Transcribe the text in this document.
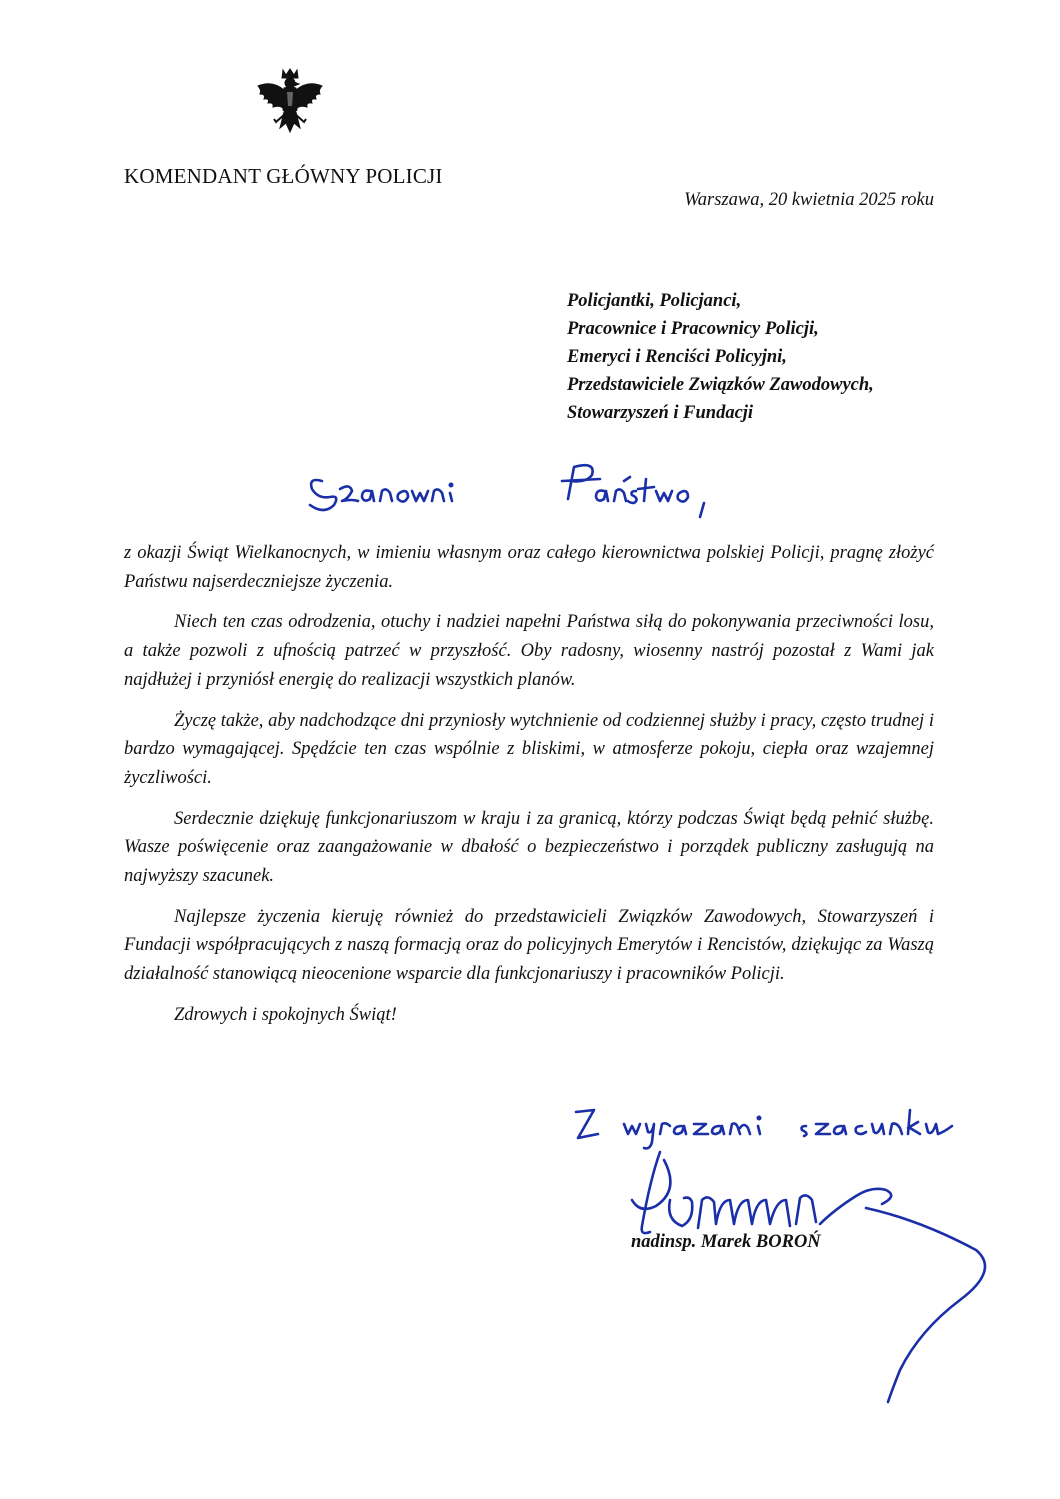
KOMENDANT GŁÓWNY POLICJI
Warszawa, 20 kwietnia 2025 roku
Policjantki, Policjanci,
Pracownice i Pracownicy Policji,
Emeryci i Renciści Policyjni,
Przedstawiciele Związków Zawodowych,
Stowarzyszeń i Fundacji

z okazji Świąt Wielkanocnych, w imieniu własnym oraz całego kierownictwa polskiej Policji, pragnę złożyć Państwu najserdeczniejsze życzenia.

Niech ten czas odrodzenia, otuchy i nadziei napełni Państwa siłą do pokonywania przeciwności losu, a także pozwoli z ufnością patrzeć w przyszłość. Oby radosny, wiosenny nastrój pozostał z Wami jak najdłużej i przyniósł energię do realizacji wszystkich planów.

Życzę także, aby nadchodzące dni przyniosły wytchnienie od codziennej służby i pracy, często trudnej i bardzo wymagającej. Spędźcie ten czas wspólnie z bliskimi, w atmosferze pokoju, ciepła oraz wzajemnej życzliwości.

Serdecznie dziękuję funkcjonariuszom w kraju i za granicą, którzy podczas Świąt będą pełnić służbę. Wasze poświęcenie oraz zaangażowanie w dbałość o bezpieczeństwo i porządek publiczny zasługują na najwyższy szacunek.

Najlepsze życzenia kieruję również do przedstawicieli Związków Zawodowych, Stowarzyszeń i Fundacji współpracujących z naszą formacją oraz do policyjnych Emerytów i Rencistów, dziękując za Waszą działalność stanowiącą nieocenione wsparcie dla funkcjonariuszy i pracowników Policji.

Zdrowych i spokojnych Świąt!

nadinsp. Marek BOROŃ
